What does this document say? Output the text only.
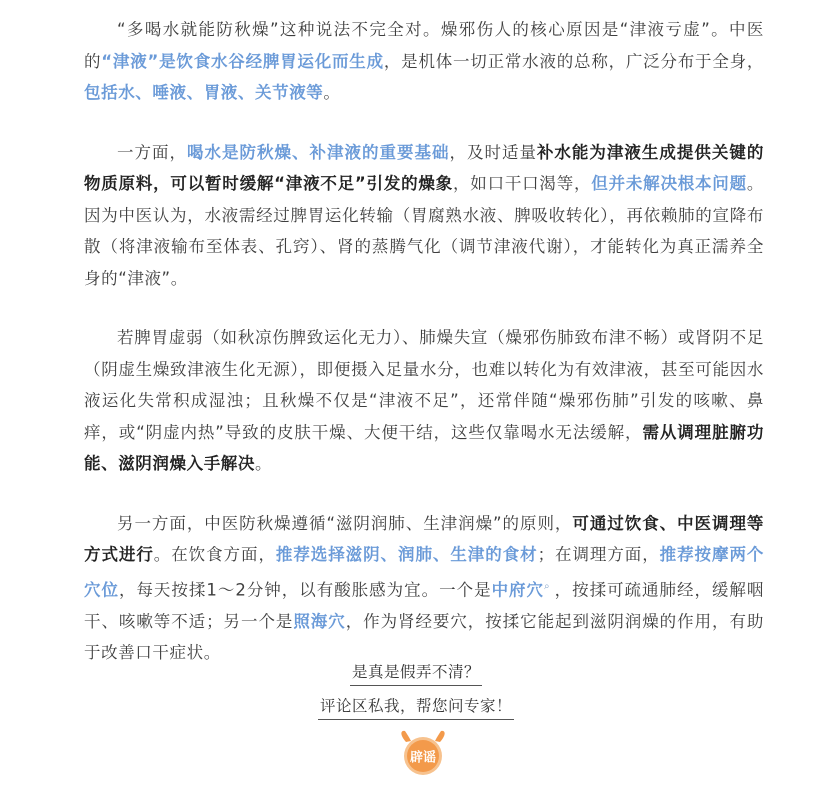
“多喝水就能防秋燥”这种说法不完全对。燥邪伤人的核心原因是“津液亏虚”。中医的“津液”是饮食水谷经脾胃运化而生成，是机体一切正常水液的总称，广泛分布于全身，包括水、唾液、胃液、关节液等。

一方面，喝水是防秋燥、补津液的重要基础，及时适量补水能为津液生成提供关键的物质原料，可以暂时缓解“津液不足”引发的燥象，如口干口渴等，但并未解决根本问题。因为中医认为，水液需经过脾胃运化转输（胃腐熟水液、脾吸收转化），再依赖肺的宣降布散（将津液输布至体表、孔窍）、肾的蒸腾气化（调节津液代谢），才能转化为真正濡养全身的“津液”。

若脾胃虚弱（如秋凉伤脾致运化无力）、肺燥失宣（燥邪伤肺致布津不畅）或肾阴不足（阴虚生燥致津液生化无源），即便摄入足量水分，也难以转化为有效津液，甚至可能因水液运化失常积成湿浊；且秋燥不仅是“津液不足”，还常伴随“燥邪伤肺”引发的咳嗽、鼻痒，或“阴虚内热”导致的皮肤干燥、大便干结，这些仅靠喝水无法缓解，需从调理脏腑功能、滋阴润燥入手解决。

另一方面，中医防秋燥遵循“滋阴润肺、生津润燥”的原则，可通过饮食、中医调理等方式进行。在饮食方面，推荐选择滋阴、润肺、生津的食材；在调理方面，推荐按摩两个穴位，每天按揉1～2分钟，以有酸胀感为宜。一个是中府穴⌕ ，按揉可疏通肺经，缓解咽干、咳嗽等不适；另一个是照海穴，作为肾经要穴，按揉它能起到滋阴润燥的作用，有助于改善口干症状。

是真是假弄不清？
评论区私我，帮您问专家！
辟谣
